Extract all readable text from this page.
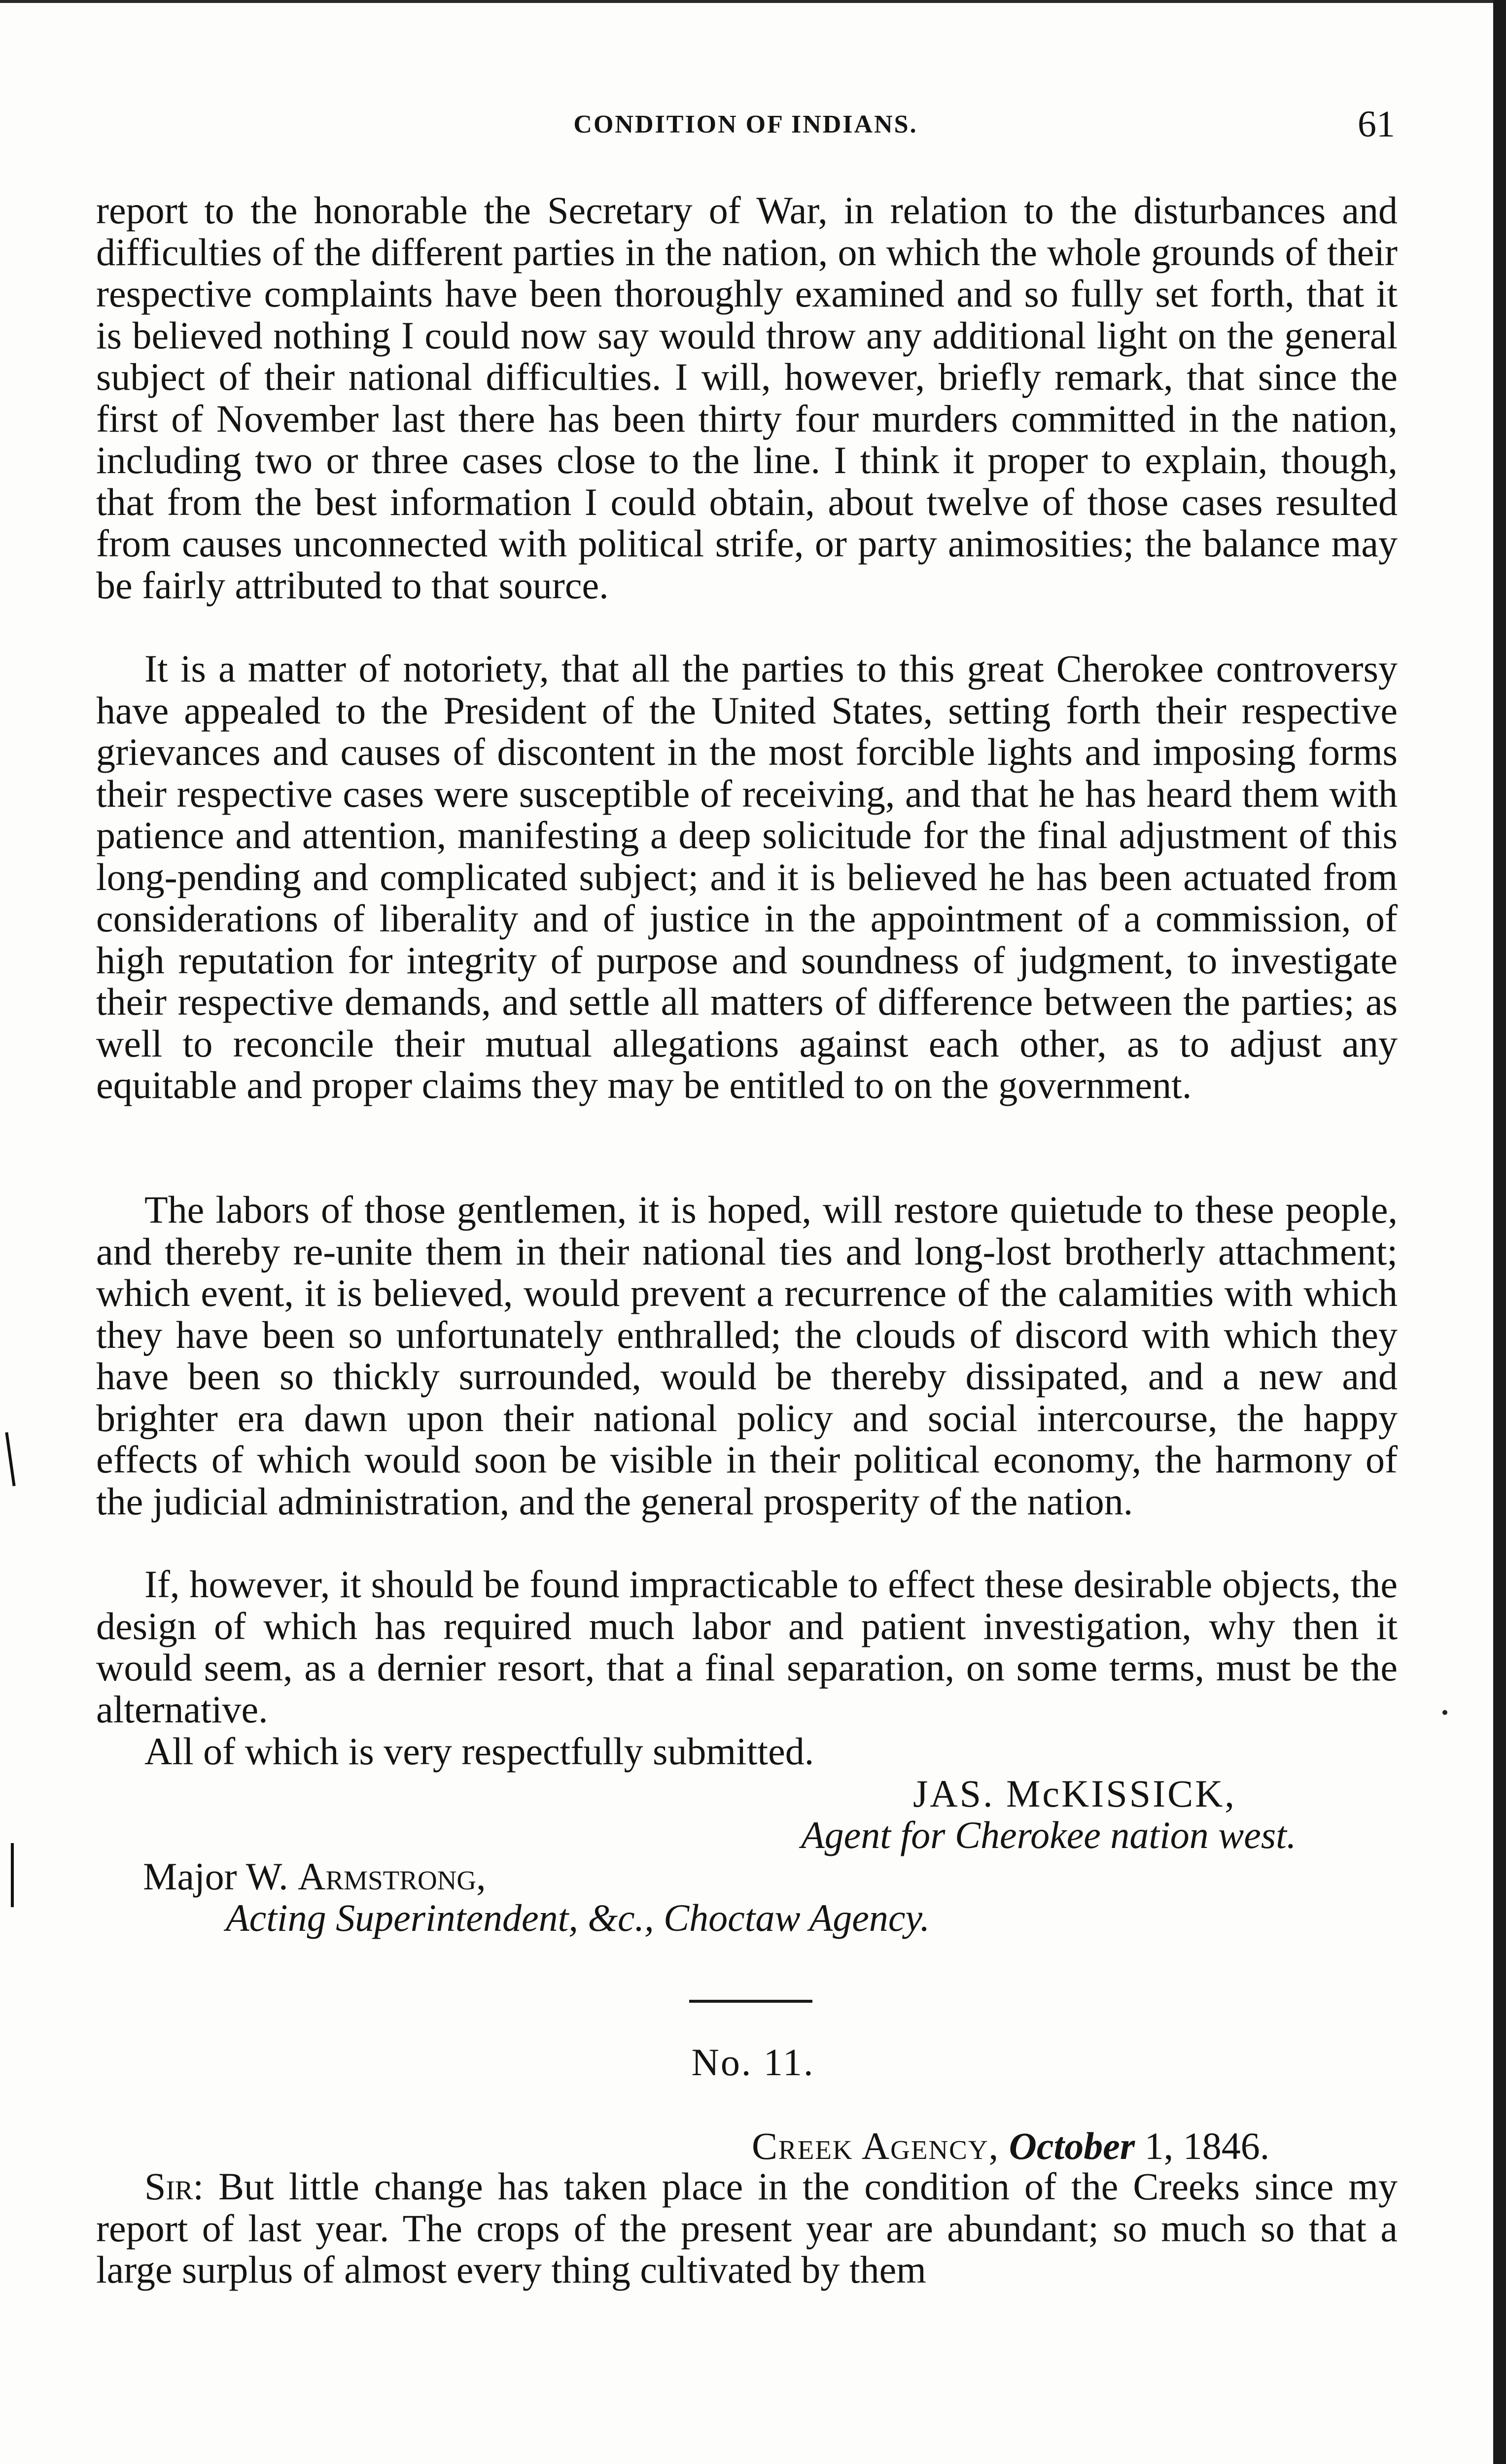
CONDITION OF INDIANS.	61

report to the honorable the Secretary of War, in relation to the disturbances and difficulties of the different parties in the nation, on which the whole grounds of their respective complaints have been thoroughly examined and so fully set forth, that it is believed nothing I could now say would throw any additional light on the general subject of their national difficulties. I will, however, briefly remark, that since the first of November last there has been thirty four murders committed in the nation, including two or three cases close to the line. I think it proper to explain, though, that from the best information I could obtain, about twelve of those cases resulted from causes unconnected with political strife, or party animosities; the balance may be fairly attributed to that source.

It is a matter of notoriety, that all the parties to this great Cherokee controversy have appealed to the President of the United States, setting forth their respective grievances and causes of discontent in the most forcible lights and imposing forms their respective cases were susceptible of receiving, and that he has heard them with patience and attention, manifesting a deep solicitude for the final adjustment of this long-pending and complicated subject; and it is believed he has been actuated from considerations of liberality and of justice in the appointment of a commission, of high reputation for integrity of purpose and soundness of judgment, to investigate their respective demands, and settle all matters of difference between the parties; as well to reconcile their mutual allegations against each other, as to adjust any equitable and proper claims they may be entitled to on the government.

The labors of those gentlemen, it is hoped, will restore quietude to these people, and thereby re-unite them in their national ties and long-lost brotherly attachment; which event, it is believed, would prevent a recurrence of the calamities with which they have been so unfortunately enthralled; the clouds of discord with which they have been so thickly surrounded, would be thereby dissipated, and a new and brighter era dawn upon their national policy and social intercourse, the happy effects of which would soon be visible in their political economy, the harmony of the judicial administration, and the general prosperity of the nation.

If, however, it should be found impracticable to effect these desirable objects, the design of which has required much labor and patient investigation, why then it would seem, as a dernier resort, that a final separation, on some terms, must be the alternative.

All of which is very respectfully submitted.

JAS. McKISSICK,
Agent for Cherokee nation west.
Major W. Armstrong,
Acting Superintendent, &c., Choctaw Agency.
No. 11.
Creek Agency, October 1, 1846.

Sir: But little change has taken place in the condition of the Creeks since my report of last year. The crops of the present year are abundant; so much so that a large surplus of almost every thing cultivated by them
